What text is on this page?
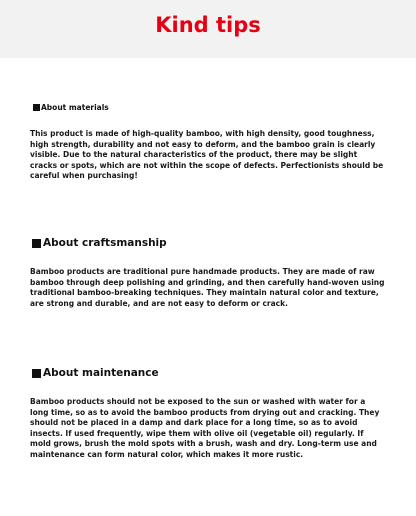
Kind tips
About materials

This product is made of high-quality bamboo, with high density, good toughness, high strength, durability and not easy to deform, and the bamboo grain is clearly visible. Due to the natural characteristics of the product, there may be slight cracks or spots, which are not within the scope of defects. Perfectionists should be careful when purchasing!

About craftsmanship

Bamboo products are traditional pure handmade products. They are made of raw bamboo through deep polishing and grinding, and then carefully hand-woven using traditional bamboo-breaking techniques. They maintain natural color and texture, are strong and durable, and are not easy to deform or crack.

About maintenance

Bamboo products should not be exposed to the sun or washed with water for a long time, so as to avoid the bamboo products from drying out and cracking. They should not be placed in a damp and dark place for a long time, so as to avoid insects. If used frequently, wipe them with olive oil (vegetable oil) regularly. If mold grows, brush the mold spots with a brush, wash and dry. Long-term use and maintenance can form natural color, which makes it more rustic.
